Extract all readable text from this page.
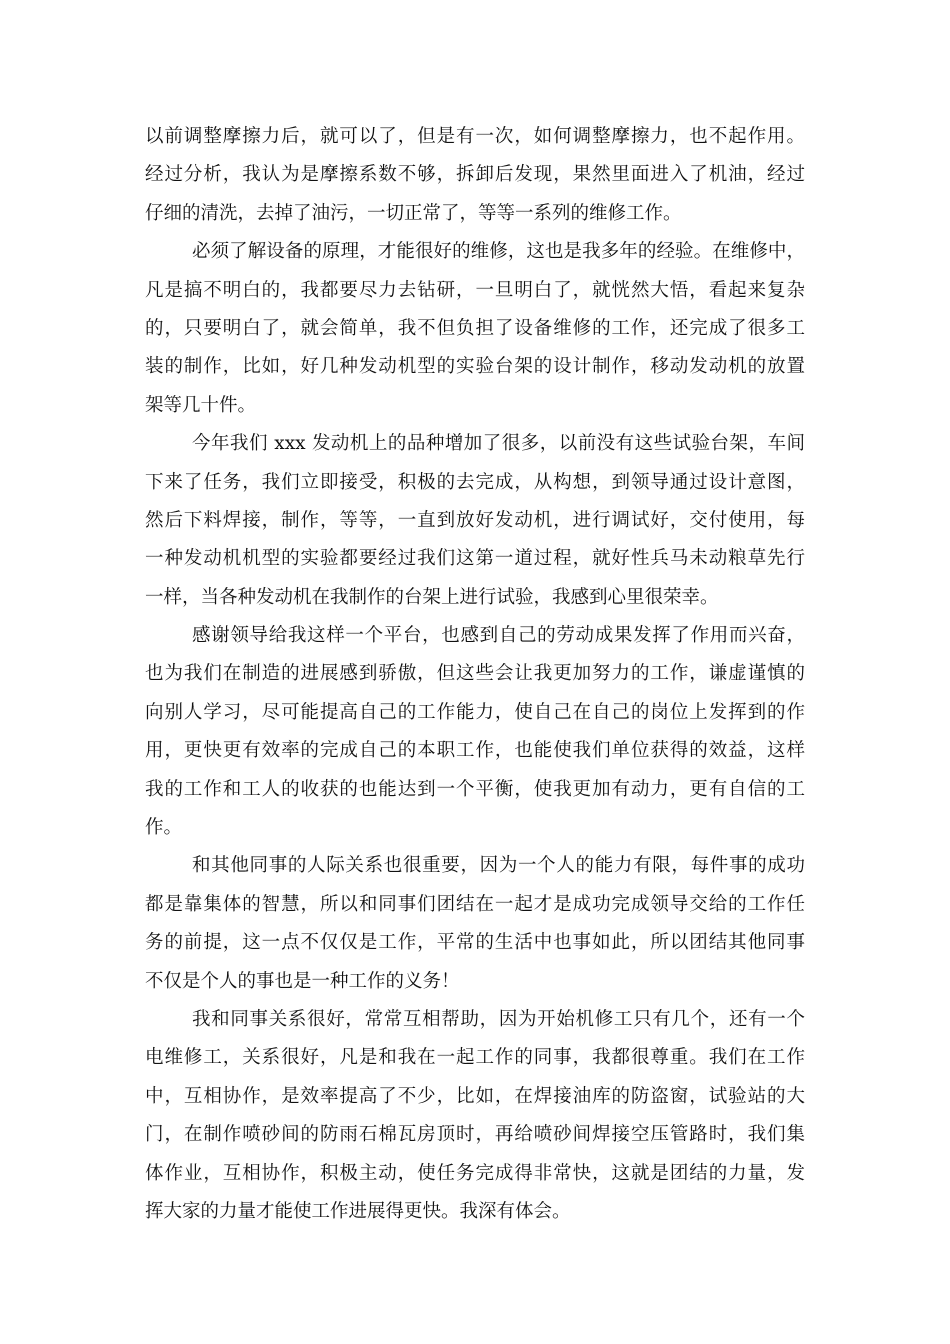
以前调整摩擦力后，就可以了，但是有一次，如何调整摩擦力，也不起作用。
经过分析，我认为是摩擦系数不够，拆卸后发现，果然里面进入了机油，经过
仔细的清洗，去掉了油污，一切正常了，等等一系列的维修工作。
必须了解设备的原理，才能很好的维修，这也是我多年的经验。在维修中，
凡是搞不明白的，我都要尽力去钻研，一旦明白了，就恍然大悟，看起来复杂
的，只要明白了，就会简单，我不但负担了设备维修的工作，还完成了很多工
装的制作，比如，好几种发动机型的实验台架的设计制作，移动发动机的放置
架等几十件。
今年我们 xxx 发动机上的品种增加了很多，以前没有这些试验台架，车间
下来了任务，我们立即接受，积极的去完成，从构想，到领导通过设计意图，
然后下料焊接，制作，等等，一直到放好发动机，进行调试好，交付使用，每
一种发动机机型的实验都要经过我们这第一道过程，就好性兵马未动粮草先行
一样，当各种发动机在我制作的台架上进行试验，我感到心里很荣幸。
感谢领导给我这样一个平台，也感到自己的劳动成果发挥了作用而兴奋，
也为我们在制造的进展感到骄傲，但这些会让我更加努力的工作，谦虚谨慎的
向别人学习，尽可能提高自己的工作能力，使自己在自己的岗位上发挥到的作
用，更快更有效率的完成自己的本职工作，也能使我们单位获得的效益，这样
我的工作和工人的收获的也能达到一个平衡，使我更加有动力，更有自信的工
作。
和其他同事的人际关系也很重要，因为一个人的能力有限，每件事的成功
都是靠集体的智慧，所以和同事们团结在一起才是成功完成领导交给的工作任
务的前提，这一点不仅仅是工作，平常的生活中也事如此，所以团结其他同事
不仅是个人的事也是一种工作的义务！
我和同事关系很好，常常互相帮助，因为开始机修工只有几个，还有一个
电维修工，关系很好，凡是和我在一起工作的同事，我都很尊重。我们在工作
中，互相协作，是效率提高了不少，比如，在焊接油库的防盗窗，试验站的大
门，在制作喷砂间的防雨石棉瓦房顶时，再给喷砂间焊接空压管路时，我们集
体作业，互相协作，积极主动，使任务完成得非常快，这就是团结的力量，发
挥大家的力量才能使工作进展得更快。我深有体会。
